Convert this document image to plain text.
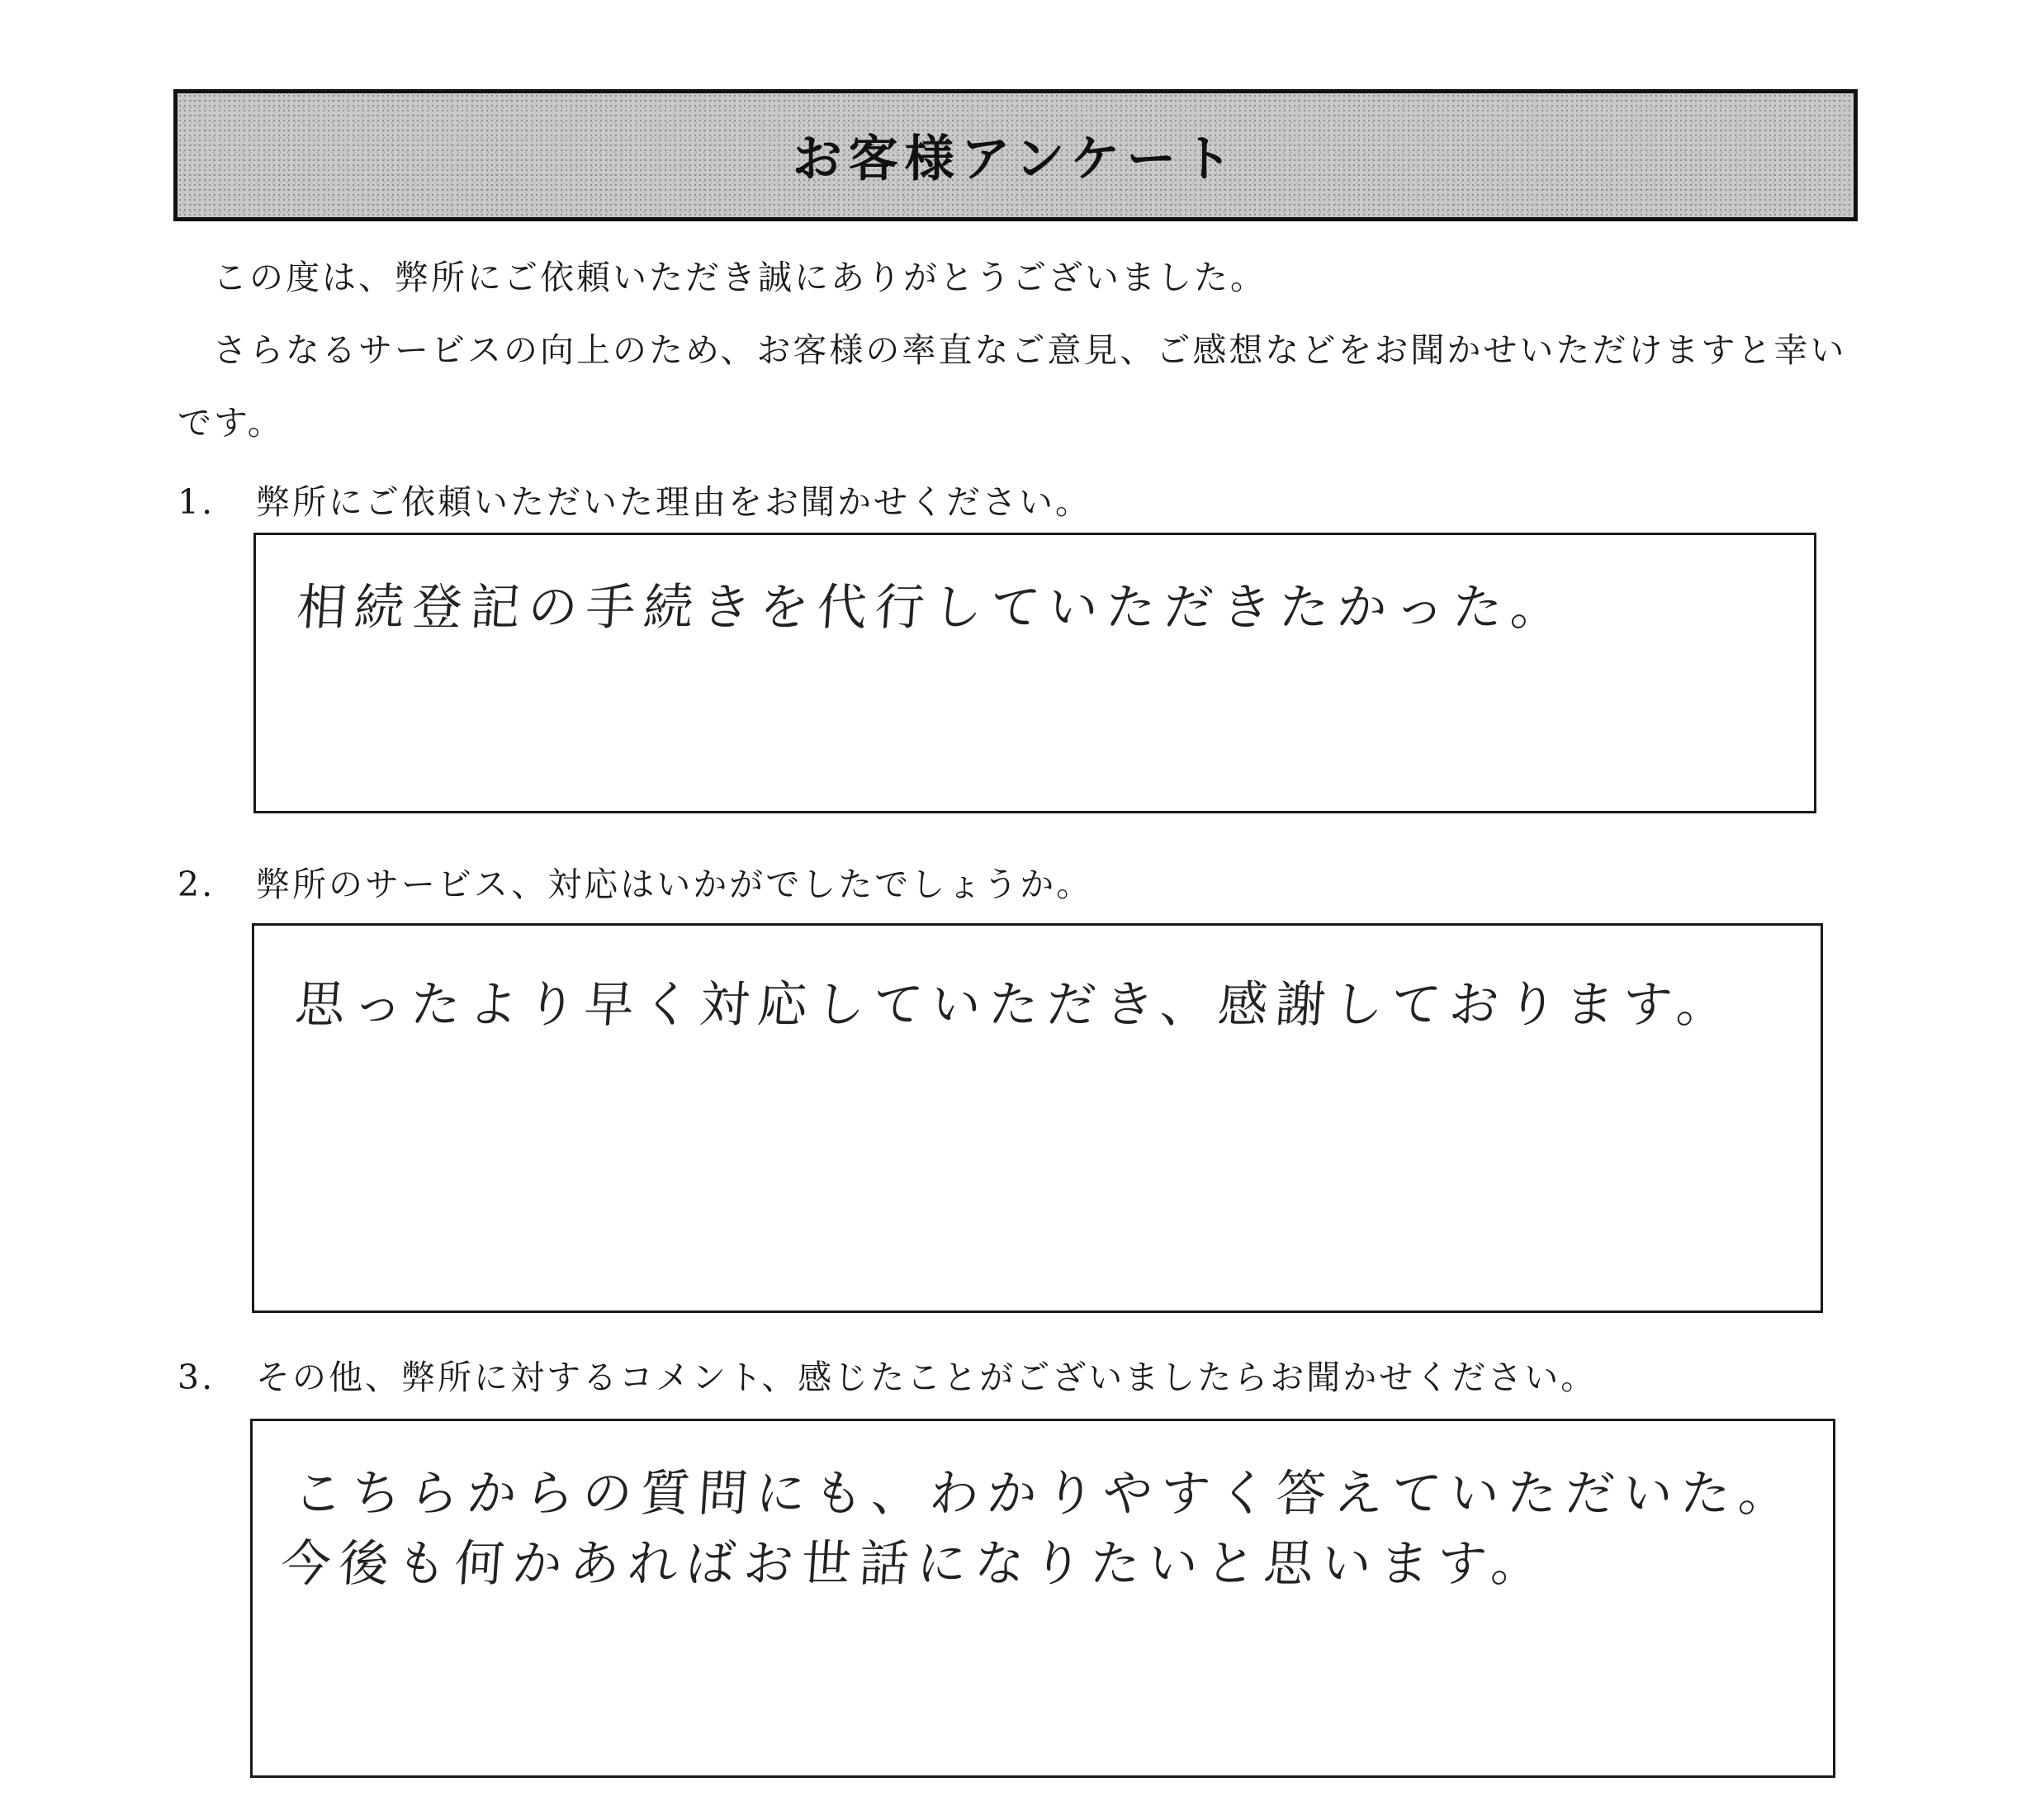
お客様アンケート

この度は、弊所にご依頼いただき誠にありがとうございました。

さらなるサービスの向上のため、お客様の率直なご意見、ご感想などをお聞かせいただけますと幸いです。

1. 弊所にご依頼いただいた理由をお聞かせください。
相続登記の手続きを代行していただきたかった。
2. 弊所のサービス、対応はいかがでしたでしょうか。
思ったより早く対応していただき、感謝しております。
3. その他、弊所に対するコメント、感じたことがございましたらお聞かせください。
こちらからの質問にも、わかりやすく答えていただいた。
今後も何かあればお世話になりたいと思います。
